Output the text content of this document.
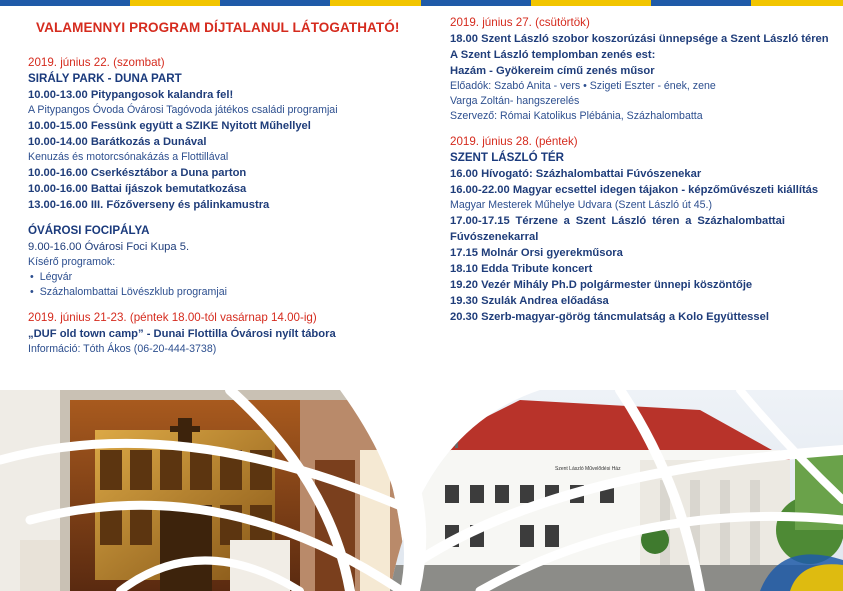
VALAMENNYI PROGRAM DÍJTALANUL LÁTOGATHATÓ!
2019. június 22. (szombat)
SIRÁLY PARK - DUNA PART
10.00-13.00 Pitypangosok kalandra fel!
A Pitypangos Óvoda Óvárosi Tagóvoda játékos családi programjai
10.00-15.00 Fessünk együtt a SZIKE Nyitott Műhellyel
10.00-14.00 Barátkozás a Dunával
Kenuzás és motorcsónakázás a Flottillával
10.00-16.00 Cserkésztábor a Duna parton
10.00-16.00 Battai íjászok bemutatkozása
13.00-16.00 III. Főzőverseny és pálinkamustra
ÓVÁROSI FOCIPÁLYA
9.00-16.00 Óvárosi Foci Kupa 5.
Kísérő programok:
• Légvár
• Százhalombattai Lövészklub programjai
2019. június 21-23. (péntek 18.00-tól vasárnap 14.00-ig)
„DUF old town camp” - Dunai Flottilla Óvárosi nyílt tábora
Információ: Tóth Ákos (06-20-444-3738)
2019. június 27. (csütörtök)
18.00 Szent László szobor koszorúzási ünnepsége a Szent László téren
A Szent László templomban zenés est:
Hazám - Gyökereim című zenés műsor
Előadók: Szabó Anita - vers • Szigeti Eszter - ének, zene
Varga Zoltán- hangszerelés
Szervező: Római Katolikus Plébánia, Százhalombatta
2019. június 28. (péntek)
SZENT LÁSZLÓ TÉR
16.00 Hívogató: Százhalombattai Fúvószenekar
16.00-22.00 Magyar ecsettel idegen tájakon - képzőművészeti kiállítás
Magyar Mesterek Műhelye Udvara (Szent László út 45.)
17.00-17.15 Térzene a Szent László téren a Százhalombattai Fúvószenekarral
17.15 Molnár Orsi gyerekműsora
18.10 Edda Tribute koncert
19.20 Vezér Mihály Ph.D polgármester ünnepi köszöntője
19.30 Szulák Andrea előadása
20.30 Szerb-magyar-görög táncmulatság a Kolo Együttessel
Szent László Művelődési Ház
